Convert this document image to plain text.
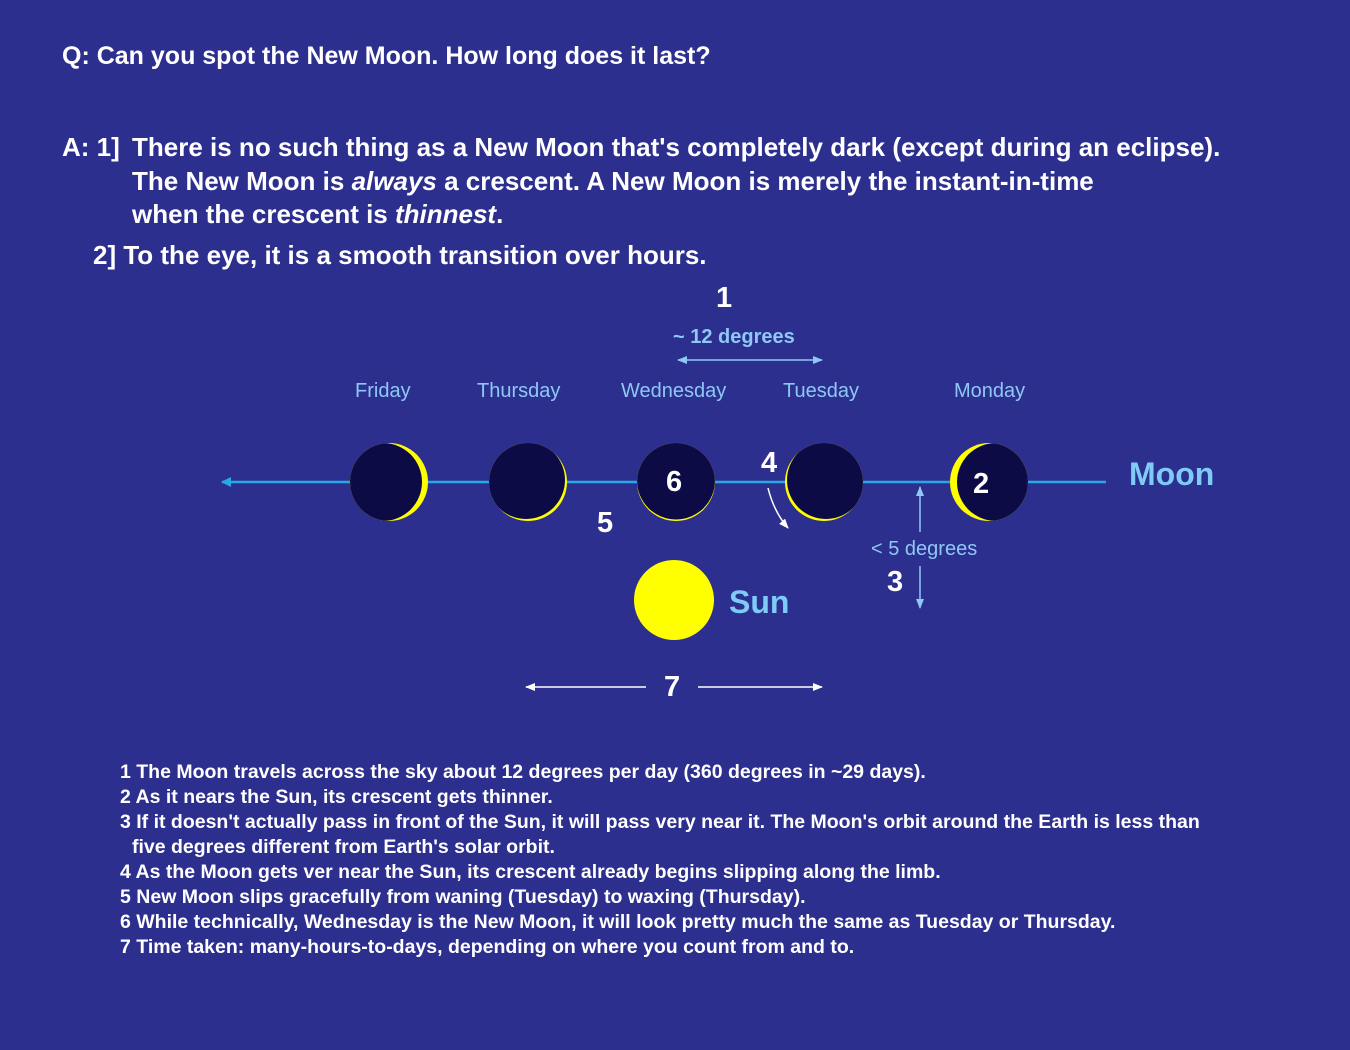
Q: Can you spot the New Moon. How long does it last?
A: 1] There is no such thing as a New Moon that's completely dark (except during an eclipse).
The New Moon is always a crescent. A New Moon is merely the instant-in-time
when the crescent is thinnest.
2] To the eye, it is a smooth transition over hours.
1
~ 12 degrees
Friday	Thursday	Wednesday	Tuesday	Monday
6	2
4
5
3
7
Moon
Sun
< 5 degrees
1 The Moon travels across the sky about 12 degrees per day (360 degrees in ~29 days).
2 As it nears the Sun, its crescent gets thinner.
3 If it doesn't actually pass in front of the Sun, it will pass very near it. The Moon's orbit around the Earth is less than
five degrees different from Earth's solar orbit.
4 As the Moon gets ver near the Sun, its crescent already begins slipping along the limb.
5 New Moon slips gracefully from waning (Tuesday) to waxing (Thursday).
6 While technically, Wednesday is the New Moon, it will look pretty much the same as Tuesday or Thursday.
7 Time taken: many-hours-to-days, depending on where you count from and to.
